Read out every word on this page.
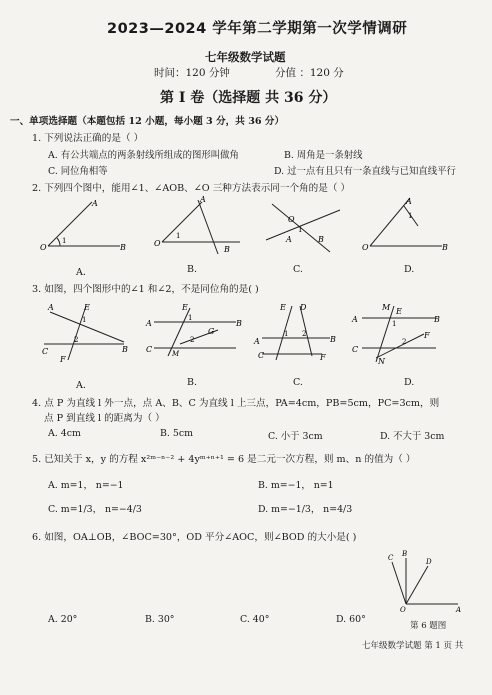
2023—2024 学年第二学期第一次学情调研
七年级数学试题
时间：120 分钟	分值 ：120 分
第 I 卷（选择题 共 36 分）
一、单项选择题（本题包括 12 小题，每小题 3 分，共 36 分）
1. 下列说法正确的是（ ）
A. 有公共端点的两条射线所组成的图形叫做角	B. 周角是一条射线
C. 同位角相等	D. 过一点有且只有一条直线与已知直线平行
2. 下列四个图中，能用∠1、∠AOB、∠O 三种方法表示同一个角的是（ ）
O	B
A
1	O
A
1
B
O
1
A	B
O	B
A
1
A．	B.	C.	D.
3. 如图，四个图形中的∠1 和∠2，不是同位角的是( )
A	E
1
C
2
F
B
A
E
1
G
2
C	M
B
E D
A
1 2
C
B
F
M E
A	1
F
2
C
B
N
A．	B.	C.	D.
4. 点 P 为直线 l 外一点，点 A、B、C 为直线 l 上三点，PA=4cm，PB=5cm，PC=3cm，则
点 P 到直线 l 的距离为（ ）
A. 4cm	B. 5cm	C. 小于 3cm	D. 不大于 3cm
5. 已知关于 x，y 的方程 x²ᵐ⁻ⁿ⁻² + 4yᵐ⁺ⁿ⁺¹ = 6 是二元一次方程，则 m、n 的值为（ ）
A. m=1， n=−1	B. m=−1， n=1
C. m=1/3， n=−4/3	D. m=−1/3， n=4/3
6. 如图，OA⊥OB，∠BOC=30°，OD 平分∠AOC，则∠BOD 的大小是( )
B
C	D
O	A
第 6 题图
A. 20°	B. 30°	C. 40°	D. 60°
七年级数学试题 第 1 页 共
